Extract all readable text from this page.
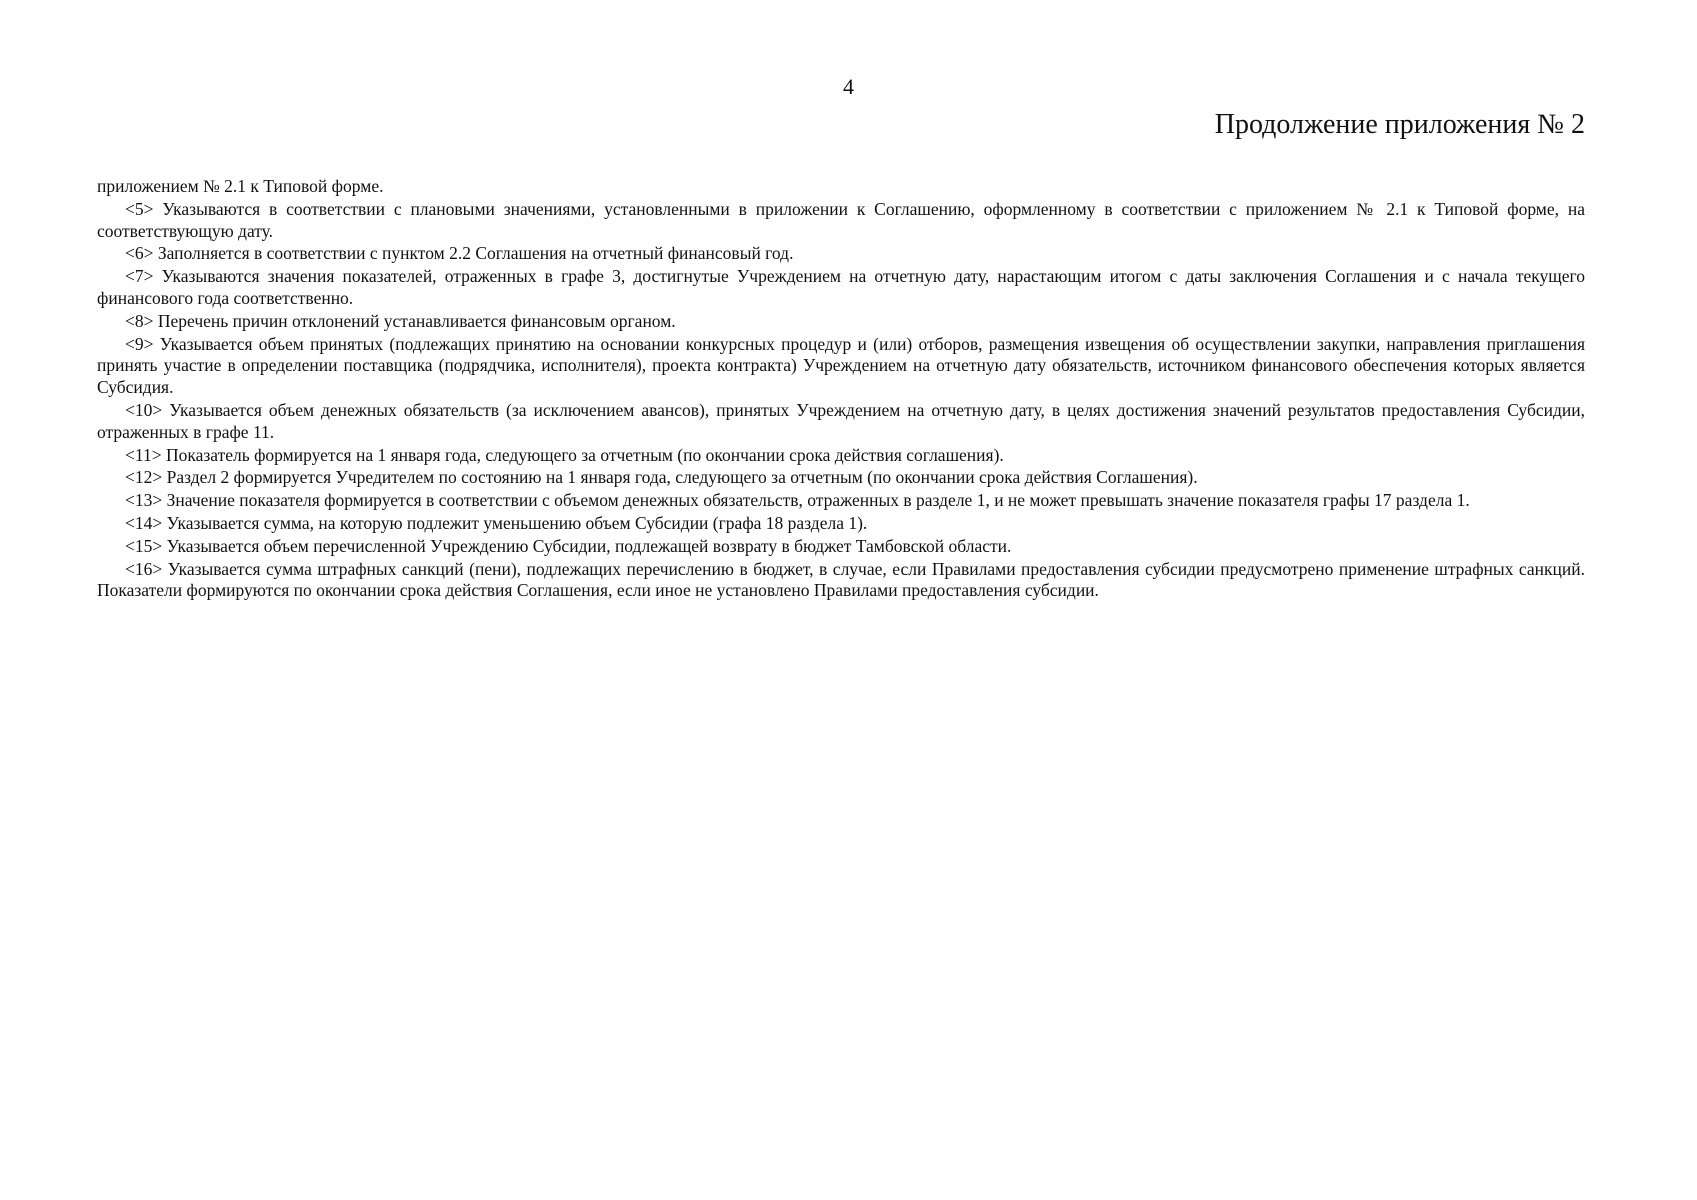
4
Продолжение приложения № 2

приложением № 2.1 к Типовой форме.

<5> Указываются в соответствии с плановыми значениями, установленными в приложении к Соглашению, оформленному в соответствии с приложением № 2.1 к Типовой форме, на соответствующую дату.

<6> Заполняется в соответствии с пунктом 2.2 Соглашения на отчетный финансовый год.

<7> Указываются значения показателей, отраженных в графе 3, достигнутые Учреждением на отчетную дату, нарастающим итогом с даты заключения Соглашения и с начала текущего финансового года соответственно.

<8> Перечень причин отклонений устанавливается финансовым органом.

<9> Указывается объем принятых (подлежащих принятию на основании конкурсных процедур и (или) отборов, размещения извещения об осуществлении закупки, направления приглашения принять участие в определении поставщика (подрядчика, исполнителя), проекта контракта) Учреждением на отчетную дату обязательств, источником финансового обеспечения которых является Субсидия.

<10> Указывается объем денежных обязательств (за исключением авансов), принятых Учреждением на отчетную дату, в целях достижения значений результатов предоставления Субсидии, отраженных в графе 11.

<11> Показатель формируется на 1 января года, следующего за отчетным (по окончании срока действия соглашения).

<12> Раздел 2 формируется Учредителем по состоянию на 1 января года, следующего за отчетным (по окончании срока действия Соглашения).

<13> Значение показателя формируется в соответствии с объемом денежных обязательств, отраженных в разделе 1, и не может превышать значение показателя графы 17 раздела 1.

<14> Указывается сумма, на которую подлежит уменьшению объем Субсидии (графа 18 раздела 1).

<15> Указывается объем перечисленной Учреждению Субсидии, подлежащей возврату в бюджет Тамбовской области.

<16> Указывается сумма штрафных санкций (пени), подлежащих перечислению в бюджет, в случае, если Правилами предоставления субсидии предусмотрено применение штрафных санкций. Показатели формируются по окончании срока действия Соглашения, если иное не установлено Правилами предоставления субсидии.
